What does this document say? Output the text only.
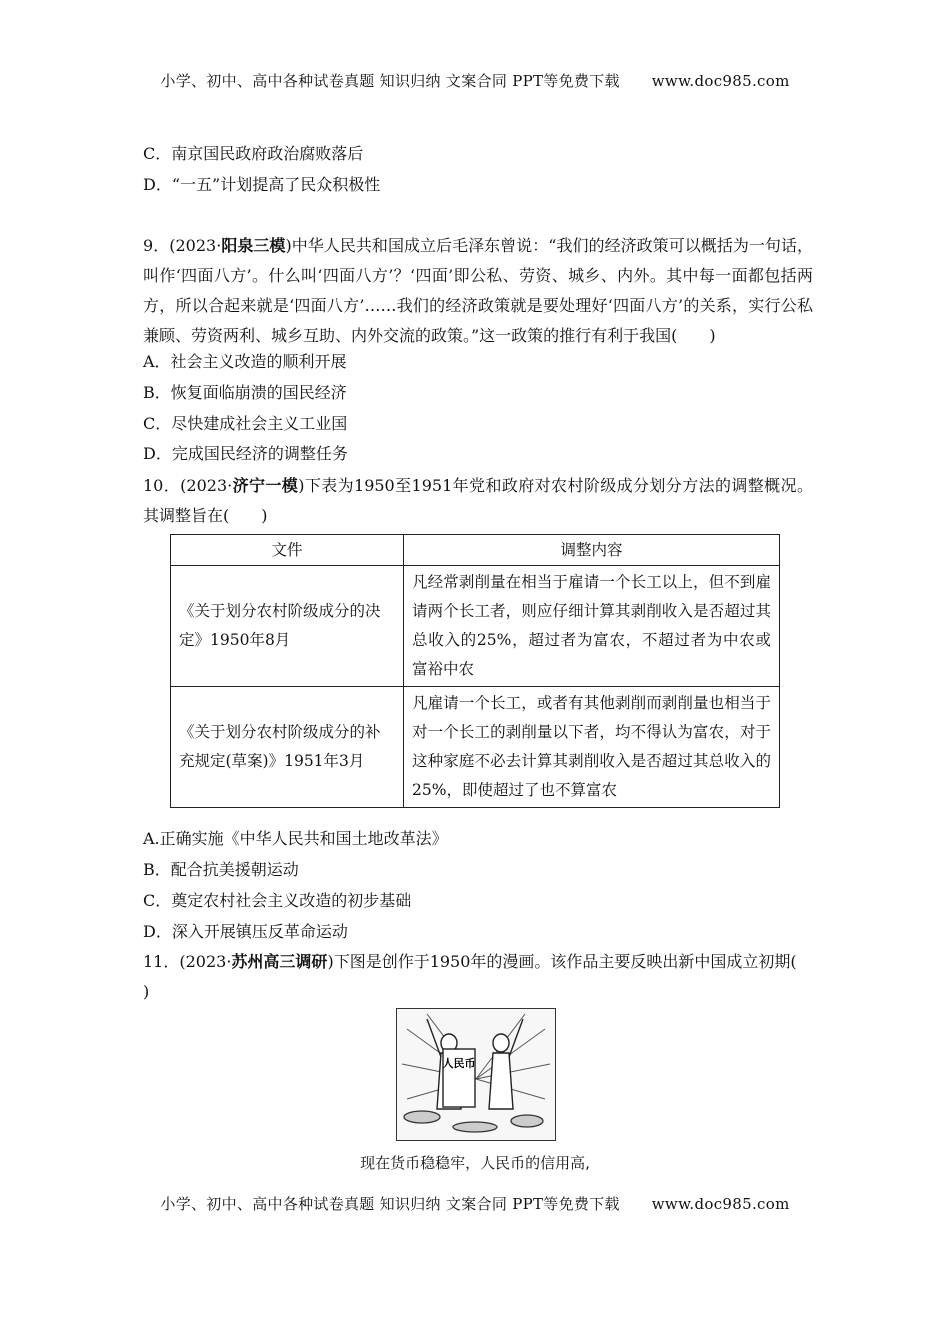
小学、初中、高中各种试卷真题 知识归纳 文案合同 PPT等免费下载 www.doc985.com
C．南京国民政府政治腐败落后
D．“一五”计划提高了民众积极性
9．(2023·阳泉三模)中华人民共和国成立后毛泽东曾说：“我们的经济政策可以概括为一句话，叫作‘四面八方’。什么叫‘四面八方’？‘四面’即公私、劳资、城乡、内外。其中每一面都包括两方，所以合起来就是‘四面八方’……我们的经济政策就是要处理好‘四面八方’的关系，实行公私兼顾、劳资两利、城乡互助、内外交流的政策。”这一政策的推行有利于我国(　　)
A．社会主义改造的顺利开展
B．恢复面临崩溃的国民经济
C．尽快建成社会主义工业国
D．完成国民经济的调整任务
10．(2023·济宁一模)下表为1950至1951年党和政府对农村阶级成分划分方法的调整概况。其调整旨在(　　)
文件	调整内容
《关于划分农村阶级成分的决定》1950年8月	凡经常剥削量在相当于雇请一个长工以上，但不到雇请两个长工者，则应仔细计算其剥削收入是否超过其总收入的25%，超过者为富农，不超过者为中农或富裕中农
《关于划分农村阶级成分的补充规定(草案)》1951年3月	凡雇请一个长工，或者有其他剥削而剥削量也相当于对一个长工的剥削量以下者，均不得认为富农，对于这种家庭不必去计算其剥削收入是否超过其总收入的25%，即使超过了也不算富农
A.正确实施《中华人民共和国土地改革法》
B．配合抗美援朝运动
C．奠定农村社会主义改造的初步基础
D．深入开展镇压反革命运动
11．(2023·苏州高三调研)下图是创作于1950年的漫画。该作品主要反映出新中国成立初期(
)
人民币
现在货币稳稳牢，人民币的信用高,
小学、初中、高中各种试卷真题 知识归纳 文案合同 PPT等免费下载 www.doc985.com
